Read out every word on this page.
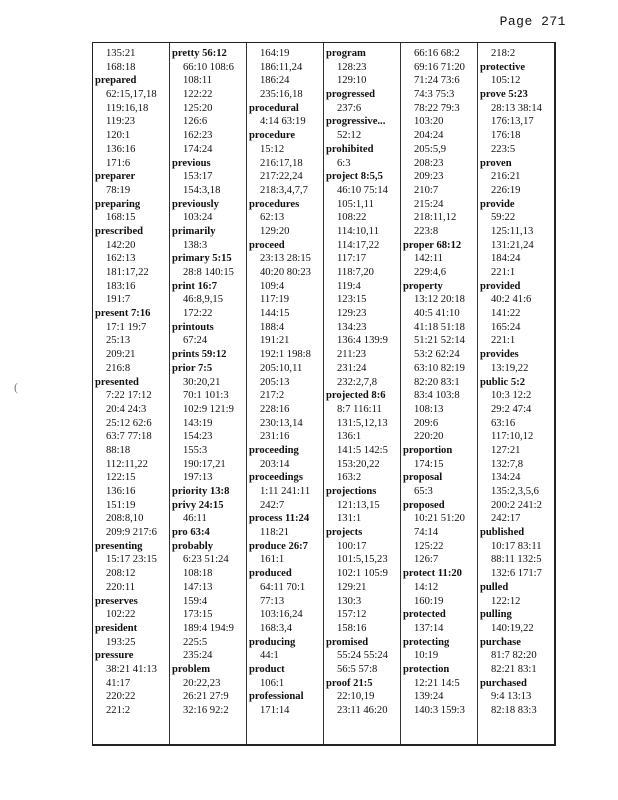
Page 271
(
135:21
168:18
prepared
62:15,17,18
119:16,18
119:23
120:1
136:16
171:6
preparer
78:19
preparing
168:15
prescribed
142:20
162:13
181:17,22
183:16
191:7
present 7:16
17:1 19:7
25:13
209:21
216:8
presented
7:22 17:12
20:4 24:3
25:12 62:6
63:7 77:18
88:18
112:11,22
122:15
136:16
151:19
208:8,10
209:9 217:6
presenting
15:17 23:15
208:12
220:11
preserves
102:22
president
193:25
pressure
38:21 41:13
41:17
220:22
221:2
pretty 56:12
66:10 108:6
108:11
122:22
125:20
126:6
162:23
174:24
previous
153:17
154:3,18
previously
103:24
primarily
138:3
primary 5:15
28:8 140:15
print 16:7
46:8,9,15
172:22
printouts
67:24
prints 59:12
prior 7:5
30:20,21
70:1 101:3
102:9 121:9
143:19
154:23
155:3
190:17,21
197:13
priority 13:8
privy 24:15
46:11
pro 63:4
probably
6:23 51:24
108:18
147:13
159:4
173:15
189:4 194:9
225:5
235:24
problem
20:22,23
26:21 27:9
32:16 92:2
164:19
186:11,24
186:24
235:16,18
procedural
4:14 63:19
procedure
15:12
216:17,18
217:22,24
218:3,4,7,7
procedures
62:13
129:20
proceed
23:13 28:15
40:20 80:23
109:4
117:19
144:15
188:4
191:21
192:1 198:8
205:10,11
205:13
217:2
228:16
230:13,14
231:16
proceeding
203:14
proceedings
1:11 241:11
242:7
process 11:24
118:21
produce 26:7
161:1
produced
64:11 70:1
77:13
103:16,24
168:3,4
producing
44:1
product
106:1
professional
171:14
program
128:23
129:10
progressed
237:6
progressive...
52:12
prohibited
6:3
project 8:5,5
46:10 75:14
105:1,11
108:22
114:10,11
114:17,22
117:17
118:7,20
119:4
123:15
129:23
134:23
136:4 139:9
211:23
231:24
232:2,7,8
projected 8:6
8:7 116:11
131:5,12,13
136:1
141:5 142:5
153:20,22
163:2
projections
121:13,15
131:1
projects
100:17
101:5,15,23
102:1 105:9
129:21
130:3
157:12
158:16
promised
55:24 55:24
56:5 57:8
proof 21:5
22:10,19
23:11 46:20
66:16 68:2
69:16 71:20
71:24 73:6
74:3 75:3
78:22 79:3
103:20
204:24
205:5,9
208:23
209:23
210:7
215:24
218:11,12
223:8
proper 68:12
142:11
229:4,6
property
13:12 20:18
40:5 41:10
41:18 51:18
51:21 52:14
53:2 62:24
63:10 82:19
82:20 83:1
83:4 103:8
108:13
209:6
220:20
proportion
174:15
proposal
65:3
proposed
10:21 51:20
74:14
125:22
126:7
protect 11:20
14:12
160:19
protected
137:14
protecting
10:19
protection
12:21 14:5
139:24
140:3 159:3
218:2
protective
105:12
prove 5:23
28:13 38:14
176:13,17
176:18
223:5
proven
216:21
226:19
provide
59:22
125:11,13
131:21,24
184:24
221:1
provided
40:2 41:6
141:22
165:24
221:1
provides
13:19,22
public 5:2
10:3 12:2
29:2 47:4
63:16
117:10,12
127:21
132:7,8
134:24
135:2,3,5,6
200:2 241:2
242:17
published
10:17 83:11
88:11 132:5
132:6 171:7
pulled
122:12
pulling
140:19,22
purchase
81:7 82:20
82:21 83:1
purchased
9:4 13:13
82:18 83:3
